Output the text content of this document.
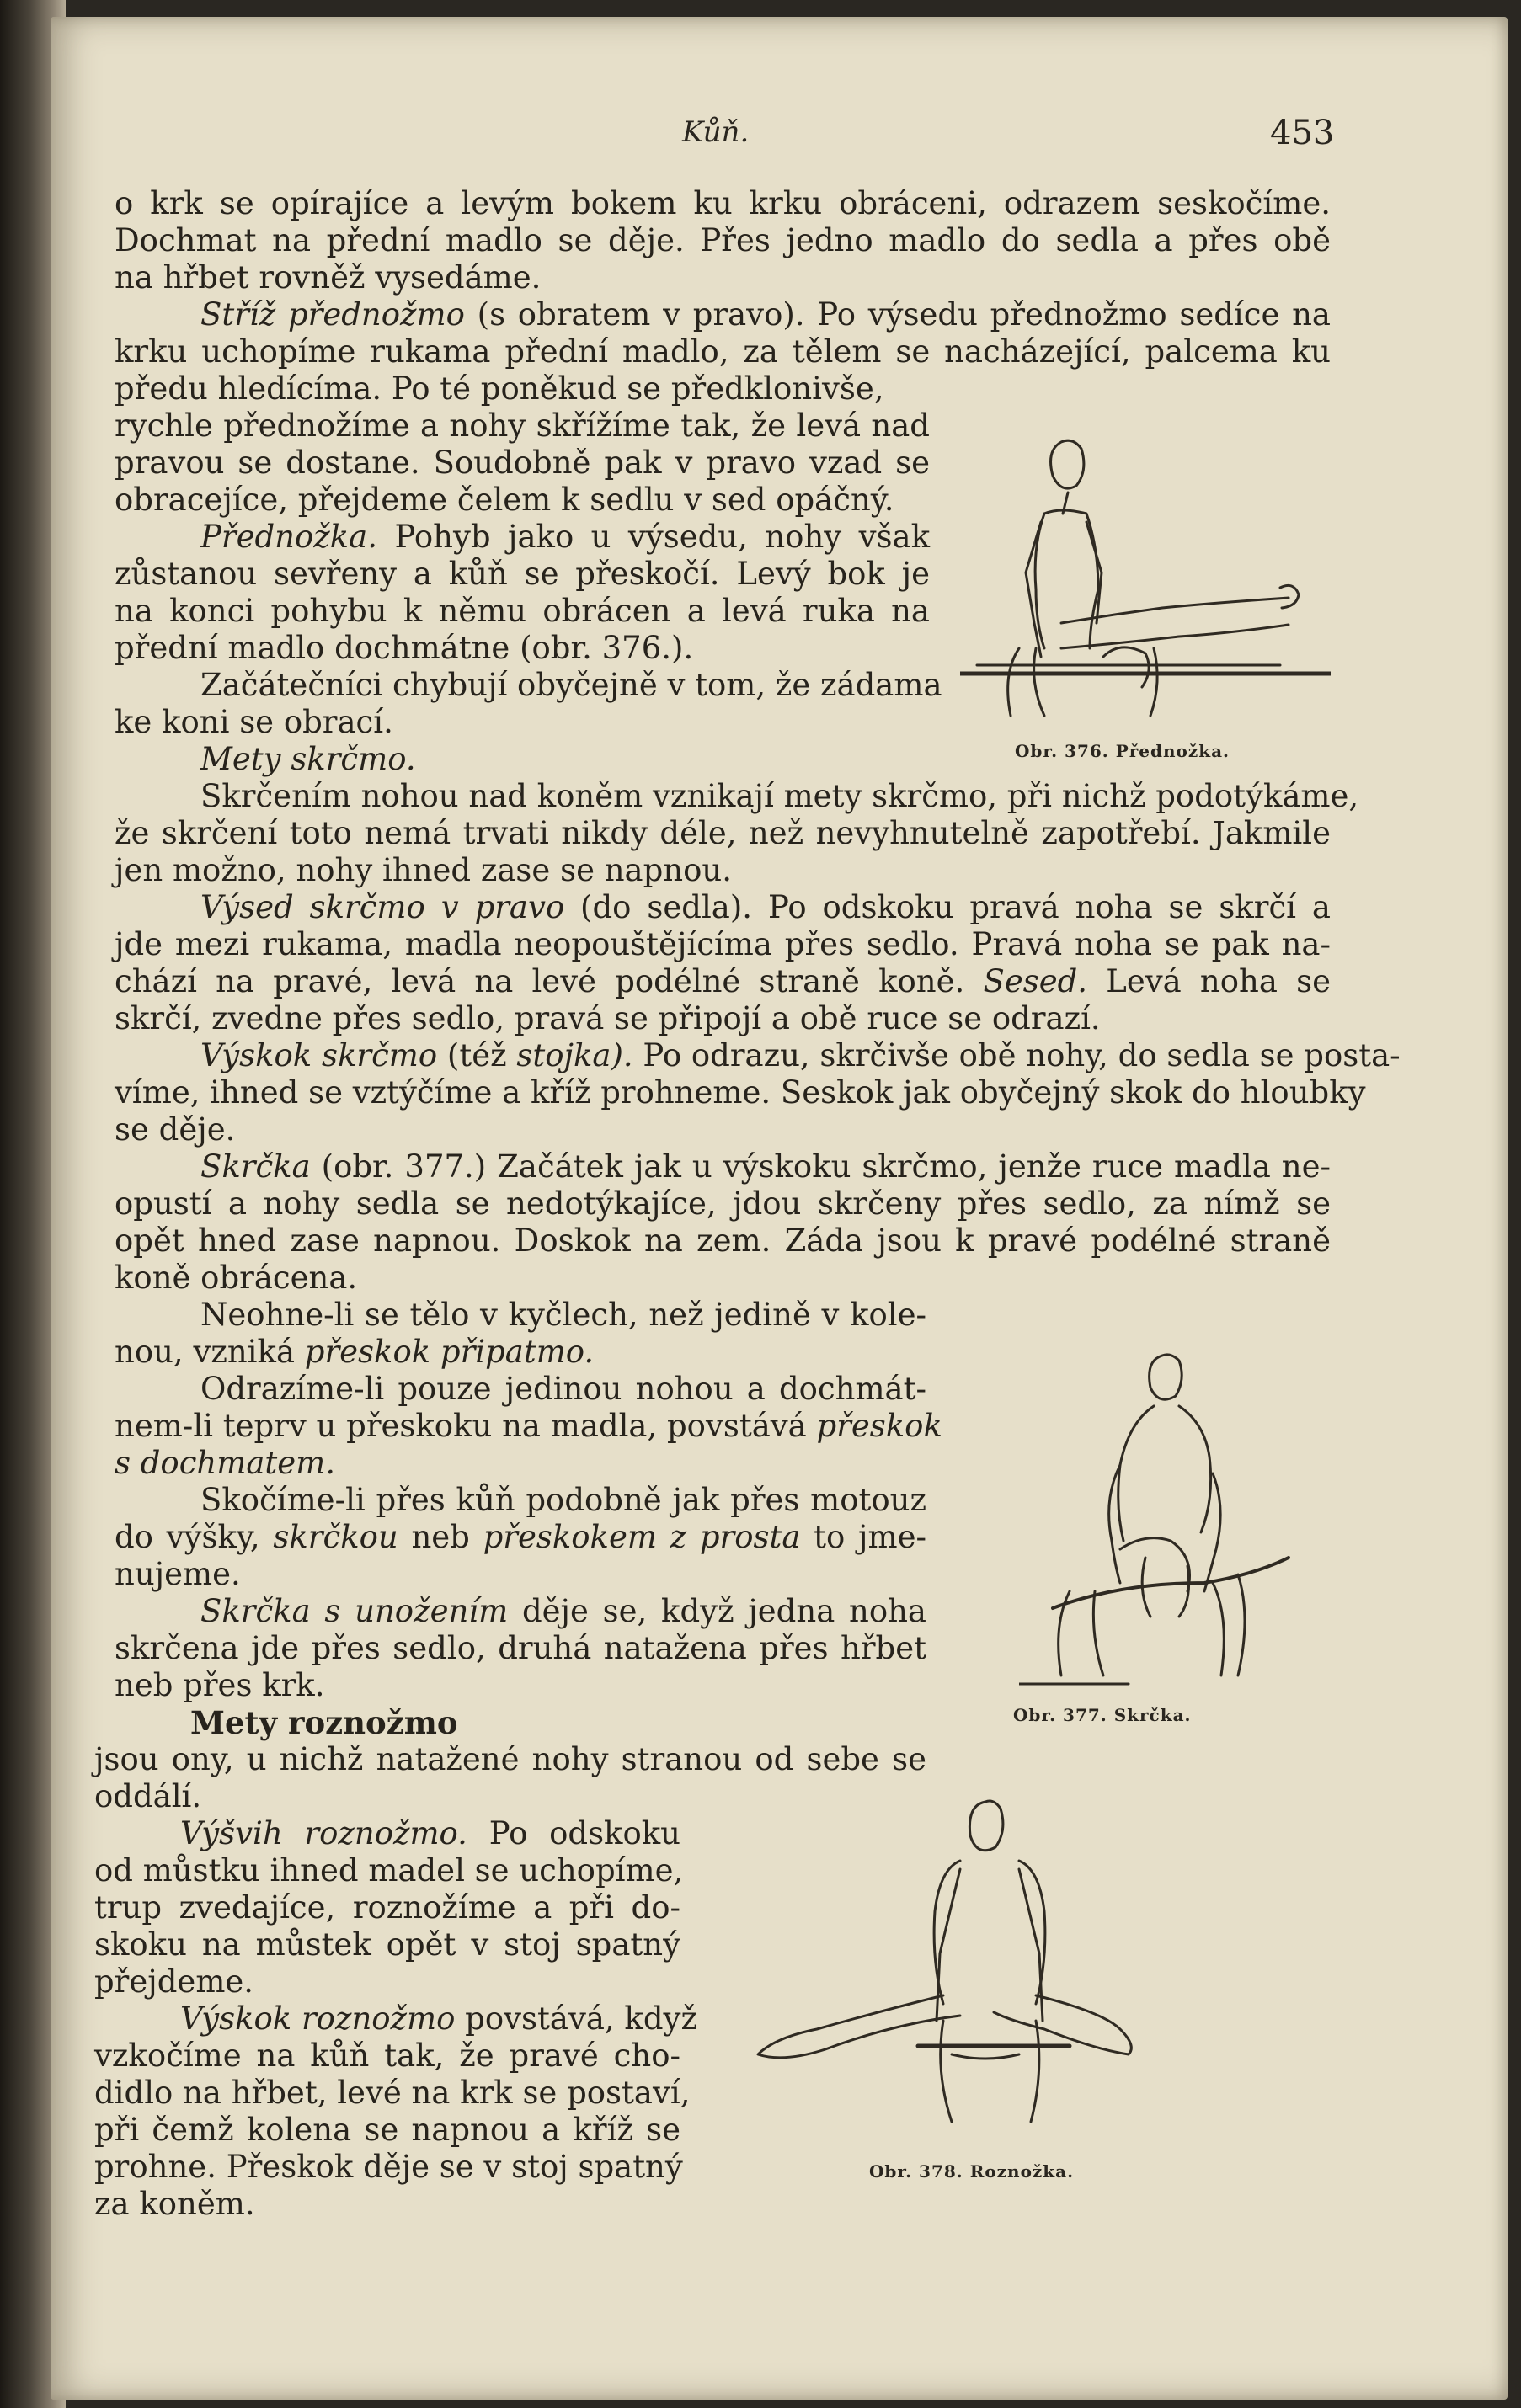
Kůň.	453
o krk se opírajíce a levým bokem ku krku obráceni, odrazem seskočíme.
Dochmat na přední madlo se děje. Přes jedno madlo do sedla a přes obě
na hřbet rovněž vysedáme.
Stříž přednožmo (s obratem v pravo). Po výsedu přednožmo sedíce na
krku uchopíme rukama přední madlo, za tělem se nacházející, palcema ku
předu hledícíma. Po té poněkud se předklonivše,
rychle přednožíme a nohy skřížíme tak, že levá nad
pravou se dostane. Soudobně pak v pravo vzad se
obracejíce, přejdeme čelem k sedlu v sed opáčný.
Přednožka. Pohyb jako u výsedu, nohy však
zůstanou sevřeny a kůň se přeskočí. Levý bok je
na konci pohybu k němu obrácen a levá ruka na
přední madlo dochmátne (obr. 376.).
Začátečníci chybují obyčejně v tom, že zádama
ke koni se obrací.
Mety skrčmo.
Skrčením nohou nad koněm vznikají mety skrčmo, při nichž podotýkáme,
že skrčení toto nemá trvati nikdy déle, než nevyhnutelně zapotřebí. Jakmile
jen možno, nohy ihned zase se napnou.
Výsed skrčmo v pravo (do sedla). Po odskoku pravá noha se skrčí a
jde mezi rukama, madla neopouštějícíma přes sedlo. Pravá noha se pak na-
chází na pravé, levá na levé podélné straně koně. Sesed. Levá noha se
skrčí, zvedne přes sedlo, pravá se připojí a obě ruce se odrazí.
Výskok skrčmo (též stojka). Po odrazu, skrčivše obě nohy, do sedla se posta-
víme, ihned se vztýčíme a kříž prohneme. Seskok jak obyčejný skok do hloubky
se děje.
Skrčka (obr. 377.) Začátek jak u výskoku skrčmo, jenže ruce madla ne-
opustí a nohy sedla se nedotýkajíce, jdou skrčeny přes sedlo, za nímž se
opět hned zase napnou. Doskok na zem. Záda jsou k pravé podélné straně
koně obrácena.
Neohne-li se tělo v kyčlech, než jedině v kole-
nou, vzniká přeskok připatmo.
Odrazíme-li pouze jedinou nohou a dochmát-
nem-li teprv u přeskoku na madla, povstává přeskok
s dochmatem.
Skočíme-li přes kůň podobně jak přes motouz
do výšky, skrčkou neb přeskokem z prosta to jme-
nujeme.
Skrčka s unožením děje se, když jedna noha
skrčena jde přes sedlo, druhá natažena přes hřbet
neb přes krk.
Mety roznožmo
jsou ony, u nichž natažené nohy stranou od sebe se
oddálí.
Výšvih roznožmo. Po odskoku
od můstku ihned madel se uchopíme,
trup zvedajíce, roznožíme a při do-
skoku na můstek opět v stoj spatný
přejdeme.
Výskok roznožmo povstává, když
vzkočíme na kůň tak, že pravé cho-
didlo na hřbet, levé na krk se postaví,
při čemž kolena se napnou a kříž se
prohne. Přeskok děje se v stoj spatný
za koněm.
Obr. 376. Přednožka.
Obr. 377. Skrčka.
Obr. 378. Roznožka.
